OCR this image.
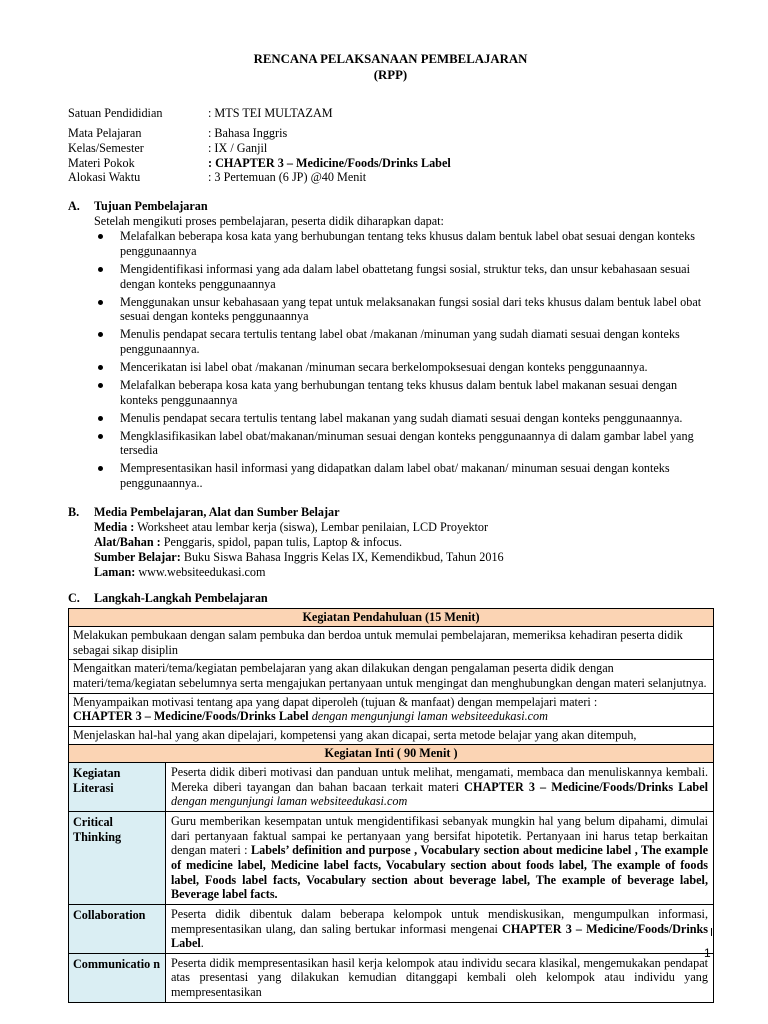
RENCANA PELAKSANAAN PEMBELAJARAN
(RPP)
Satuan Pendididian	: MTS TEI MULTAZAM
Mata Pelajaran	: Bahasa Inggris
Kelas/Semester	: IX / Ganjil
Materi Pokok	: CHAPTER 3 – Medicine/Foods/Drinks Label
Alokasi Waktu	: 3 Pertemuan (6 JP) @40 Menit
A.	Tujuan Pembelajaran
Setelah mengikuti proses pembelajaran, peserta didik diharapkan dapat:
Melafalkan beberapa kosa kata yang berhubungan tentang teks khusus dalam bentuk label obat sesuai dengan konteks penggunaannya
Mengidentifikasi informasi yang ada dalam label obattetang fungsi sosial, struktur teks, dan unsur kebahasaan sesuai dengan konteks penggunaannya
Menggunakan unsur kebahasaan yang tepat untuk melaksanakan fungsi sosial dari teks khusus dalam bentuk label obat sesuai dengan konteks penggunaannya
Menulis pendapat secara tertulis tentang label obat /makanan /minuman yang sudah diamati sesuai dengan konteks penggunaannya.
Mencerikatan isi label obat /makanan /minuman secara berkelompoksesuai dengan konteks penggunaannya.
Melafalkan beberapa kosa kata yang berhubungan tentang teks khusus dalam bentuk label makanan sesuai dengan konteks penggunaannya
Menulis pendapat secara tertulis tentang label makanan yang sudah diamati sesuai dengan konteks penggunaannya.
Mengklasifikasikan label obat/makanan/minuman sesuai dengan konteks penggunaannya di dalam gambar label yang tersedia
Mempresentasikan hasil informasi yang didapatkan dalam label obat/ makanan/ minuman sesuai dengan konteks penggunaannya..
B.	Media Pembelajaran, Alat dan Sumber Belajar
Media : Worksheet atau lembar kerja (siswa), Lembar penilaian, LCD Proyektor
Alat/Bahan : Penggaris, spidol, papan tulis, Laptop & infocus.
Sumber Belajar: Buku Siswa Bahasa Inggris Kelas IX, Kemendikbud, Tahun 2016
Laman: www.websiteedukasi.com
C.	Langkah-Langkah Pembelajaran
Kegiatan Pendahuluan (15 Menit)	
Melakukan pembukaan dengan salam pembuka dan berdoa untuk memulai pembelajaran, memeriksa kehadiran peserta didik sebagai sikap disiplin	
Mengaitkan materi/tema/kegiatan pembelajaran yang akan dilakukan dengan pengalaman peserta didik dengan materi/tema/kegiatan sebelumnya serta mengajukan pertanyaan untuk mengingat dan menghubungkan dengan materi selanjutnya.	
Menyampaikan motivasi tentang apa yang dapat diperoleh (tujuan & manfaat) dengan mempelajari materi :
CHAPTER 3 – Medicine/Foods/Drinks Label dengan mengunjungi laman websiteedukasi.com	
Menjelaskan hal-hal yang akan dipelajari, kompetensi yang akan dicapai, serta metode belajar yang akan ditempuh,	
Kegiatan Inti ( 90 Menit )	
Kegiatan Literasi	Peserta didik diberi motivasi dan panduan untuk melihat, mengamati, membaca dan menuliskannya kembali. Mereka diberi tayangan dan bahan bacaan terkait materi CHAPTER 3 – Medicine/Foods/Drinks Label dengan mengunjungi laman websiteedukasi.com
Critical Thinking	Guru memberikan kesempatan untuk mengidentifikasi sebanyak mungkin hal yang belum dipahami, dimulai dari pertanyaan faktual sampai ke pertanyaan yang bersifat hipotetik. Pertanyaan ini harus tetap berkaitan dengan materi : Labels’ definition and purpose , Vocabulary section about medicine label , The example of medicine label, Medicine label facts, Vocabulary section about foods label, The example of foods label, Foods label facts, Vocabulary section about beverage label, The example of beverage label, Beverage label facts.
Collaboration	Peserta didik dibentuk dalam beberapa kelompok untuk mendiskusikan, mengumpulkan informasi, mempresentasikan ulang, dan saling bertukar informasi mengenai CHAPTER 3 – Medicine/Foods/Drinks Label.
Communicatio n	Peserta didik mempresentasikan hasil kerja kelompok atau individu secara klasikal, mengemukakan pendapat atas presentasi yang dilakukan kemudian ditanggapi kembali oleh kelompok atau individu yang mempresentasikan
1
